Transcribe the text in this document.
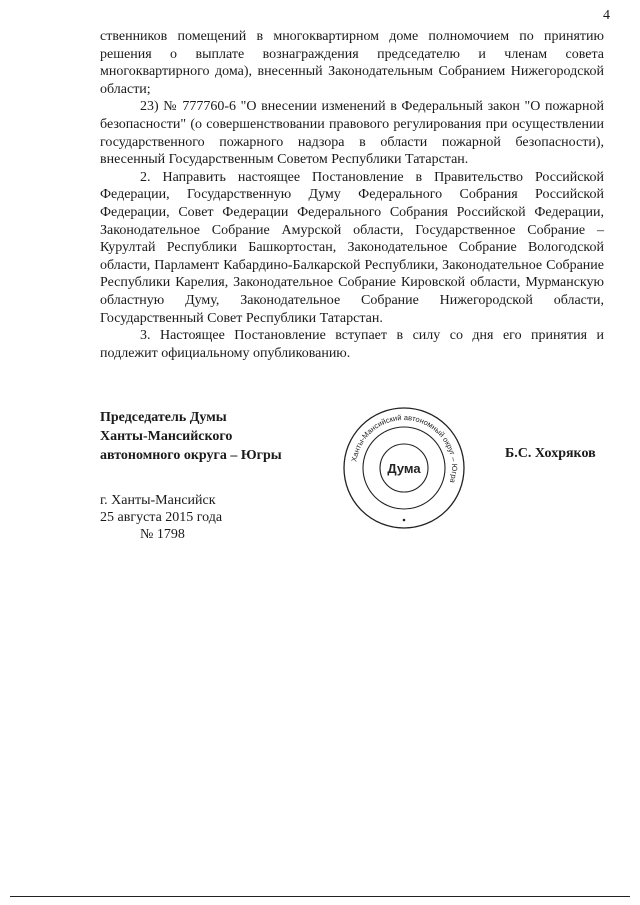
4

ственников помещений в многоквартирном доме полномочием по принятию решения о выплате вознаграждения председателю и членам совета многоквартирного дома), внесенный Законодательным Собранием Нижегородской области;

23) № 777760-6 "О внесении изменений в Федеральный закон "О пожарной безопасности" (о совершенствовании правового регулирования при осуществлении государственного пожарного надзора в области пожарной безопасности), внесенный Государственным Советом Республики Татарстан.

2. Направить настоящее Постановление в Правительство Российской Федерации, Государственную Думу Федерального Собрания Российской Федерации, Совет Федерации Федерального Собрания Российской Федерации, Законодательное Собрание Амурской области, Государственное Собрание – Курултай Республики Башкортостан, Законодательное Собрание Вологодской области, Парламент Кабардино-Балкарской Республики, Законодательное Собрание Республики Карелия, Законодательное Собрание Кировской области, Мурманскую областную Думу, Законодательное Собрание Нижегородской области, Государственный Совет Республики Татарстан.

3. Настоящее Постановление вступает в силу со дня его принятия и подлежит официальному опубликованию.

Председатель Думы
Ханты-Мансийского
автономного округа – Югры	Ханты-Мансийский автономный округ – Югра
Дума
Б.С. Хохряков
г. Ханты-Мансийск
25 августа 2015 года
№ 1798
